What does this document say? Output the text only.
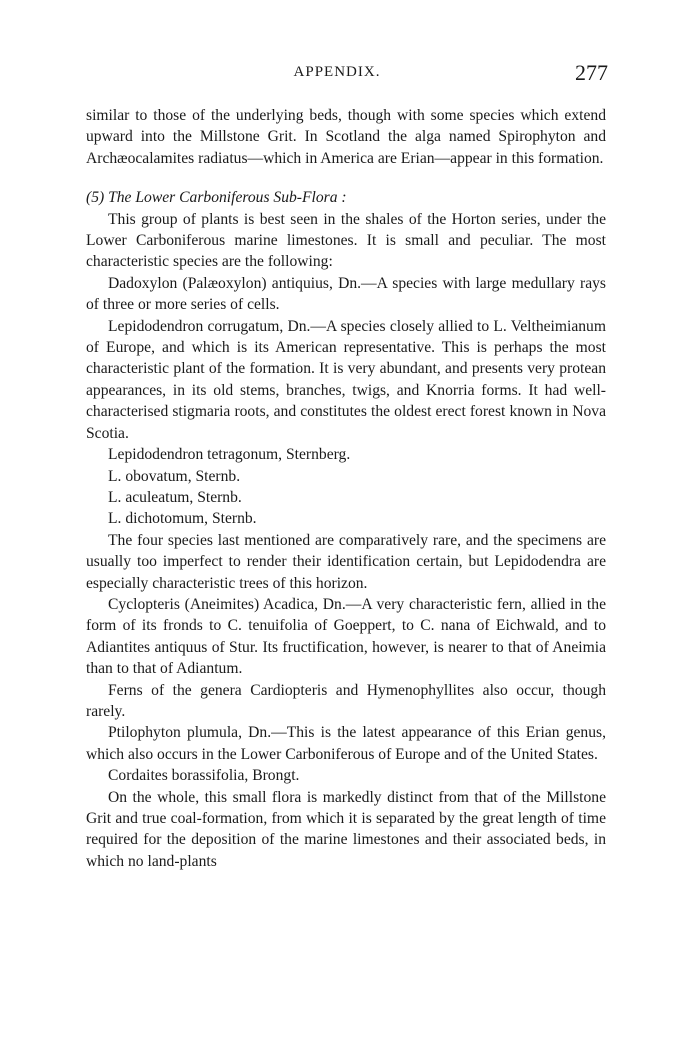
APPENDIX.	277

similar to those of the underlying beds, though with some species which extend upward into the Millstone Grit. In Scotland the alga named Spirophyton and Archæocalamites radiatus—which in America are Erian—appear in this formation.

(5) The Lower Carboniferous Sub-Flora :

This group of plants is best seen in the shales of the Horton series, under the Lower Carboniferous marine limestones. It is small and peculiar. The most characteristic species are the following:

Dadoxylon (Palæoxylon) antiquius, Dn.—A species with large medullary rays of three or more series of cells.

Lepidodendron corrugatum, Dn.—A species closely allied to L. Veltheimianum of Europe, and which is its American representative. This is perhaps the most characteristic plant of the formation. It is very abundant, and presents very protean appearances, in its old stems, branches, twigs, and Knorria forms. It had well-characterised stigmaria roots, and constitutes the oldest erect forest known in Nova Scotia.

Lepidodendron tetragonum, Sternberg.

L. obovatum, Sternb.

L. aculeatum, Sternb.

L. dichotomum, Sternb.

The four species last mentioned are comparatively rare, and the specimens are usually too imperfect to render their identification certain, but Lepidodendra are especially characteristic trees of this horizon.

Cyclopteris (Aneimites) Acadica, Dn.—A very characteristic fern, allied in the form of its fronds to C. tenuifolia of Goeppert, to C. nana of Eichwald, and to Adiantites antiquus of Stur. Its fructification, however, is nearer to that of Aneimia than to that of Adiantum.

Ferns of the genera Cardiopteris and Hymenophyllites also occur, though rarely.

Ptilophyton plumula, Dn.—This is the latest appearance of this Erian genus, which also occurs in the Lower Carboniferous of Europe and of the United States.

Cordaites borassifolia, Brongt.

On the whole, this small flora is markedly distinct from that of the Millstone Grit and true coal-formation, from which it is separated by the great length of time required for the deposition of the marine limestones and their associated beds, in which no land-plants
